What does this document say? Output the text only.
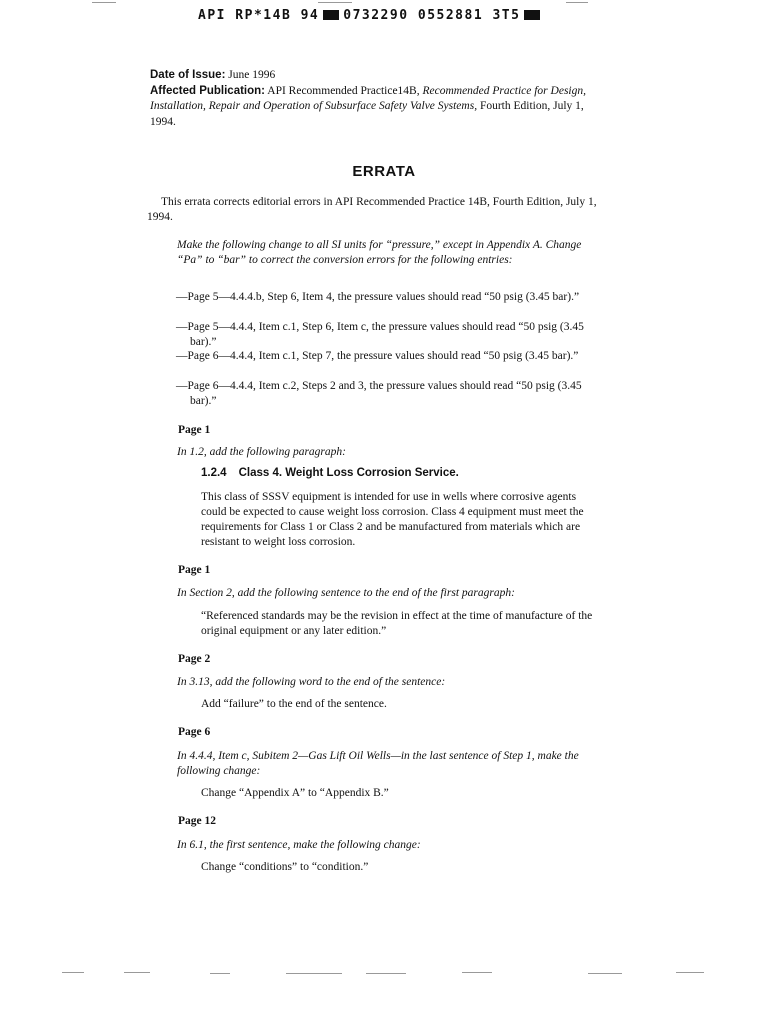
API RP*14B 94 0732290 0552881 3T5
Date of Issue: June 1996
Affected Publication: API Recommended Practice14B, Recommended Practice for Design, Installation, Repair and Operation of Subsurface Safety Valve Systems, Fourth Edition, July 1, 1994.
ERRATA
This errata corrects editorial errors in API Recommended Practice 14B, Fourth Edition, July 1, 1994.
Make the following change to all SI units for “pressure,” except in Appendix A. Change “Pa” to “bar” to correct the conversion errors for the following entries:
—Page 5—4.4.4.b, Step 6, Item 4, the pressure values should read “50 psig (3.45 bar).”
—Page 5—4.4.4, Item c.1, Step 6, Item c, the pressure values should read “50 psig (3.45 bar).”
—Page 6—4.4.4, Item c.1, Step 7, the pressure values should read “50 psig (3.45 bar).”
—Page 6—4.4.4, Item c.2, Steps 2 and 3, the pressure values should read “50 psig (3.45 bar).”
Page 1
In 1.2, add the following paragraph:
1.2.4 Class 4. Weight Loss Corrosion Service.
This class of SSSV equipment is intended for use in wells where corrosive agents could be expected to cause weight loss corrosion. Class 4 equipment must meet the requirements for Class 1 or Class 2 and be manufactured from materials which are resistant to weight loss corrosion.
Page 1
In Section 2, add the following sentence to the end of the first paragraph:
“Referenced standards may be the revision in effect at the time of manufacture of the original equipment or any later edition.”
Page 2
In 3.13, add the following word to the end of the sentence:
Add “failure” to the end of the sentence.
Page 6
In 4.4.4, Item c, Subitem 2—Gas Lift Oil Wells—in the last sentence of Step 1, make the following change:
Change “Appendix A” to “Appendix B.”
Page 12
In 6.1, the first sentence, make the following change:
Change “conditions” to “condition.”
